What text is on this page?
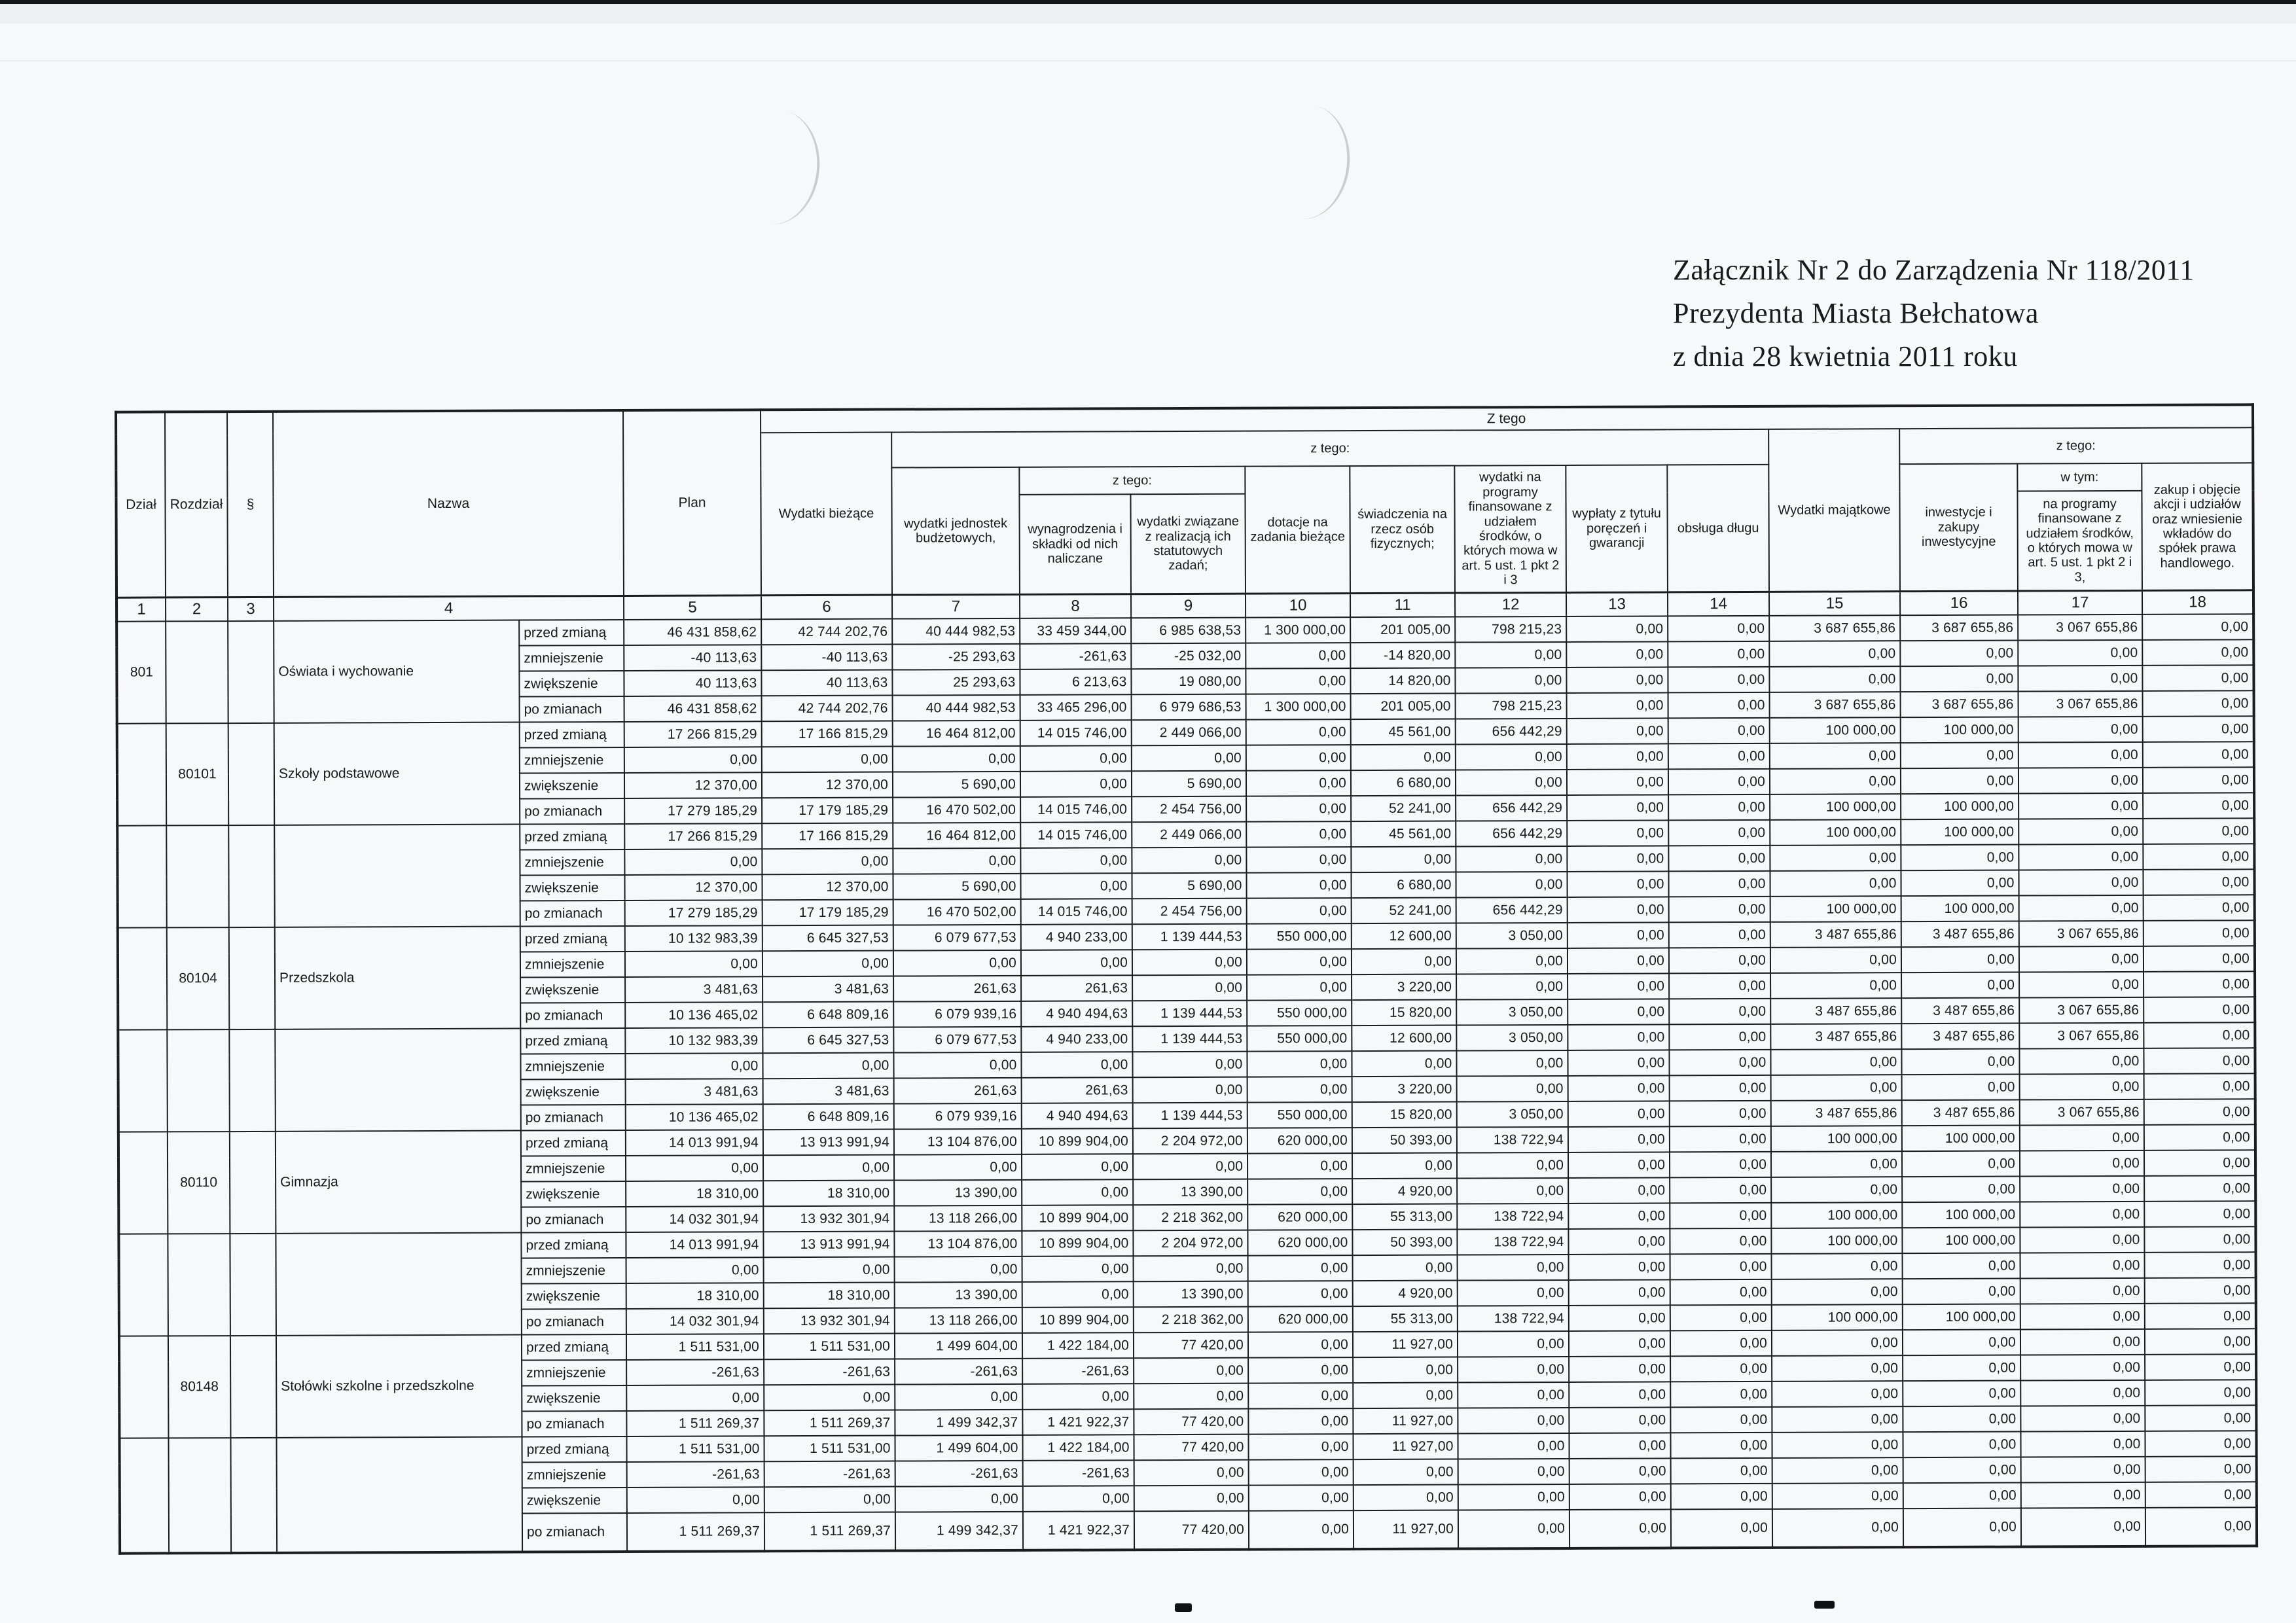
Załącznik Nr 2 do Zarządzenia Nr 118/2011
Prezydenta Miasta Bełchatowa
z dnia 28 kwietnia 2011 roku
Dział	Rozdział	§	Nazwa		Plan	Z tego												
						Wydatki bieżące	z tego:								Wydatki majątkowe	z tego:		
							wydatki jednostek budżetowych,	z tego:		dotacje na zadania bieżące	świadczenia na rzecz osób fizycznych;	wydatki na programy finansowane z udziałem środków, o których mowa w art. 5 ust. 1 pkt 2 i 3	wypłaty z tytułu poręczeń i gwarancji	obsługa długu		inwestycje i zakupy inwestycyjne	w tym:	zakup i objęcie akcji i udziałów oraz wniesienie wkładów do spółek prawa handlowego.
								wynagrodzenia i składki od nich naliczane	wydatki związane z realizacją ich statutowych zadań;								na programy finansowane z udziałem środków, o których mowa w art. 5 ust. 1 pkt 2 i 3,	
1	2	3	4		5	6	7	8	9	10	11	12	13	14	15	16	17	18
801			Oświata i wychowanie	przed zmianą	46 431 858,62	42 744 202,76	40 444 982,53	33 459 344,00	6 985 638,53	1 300 000,00	201 005,00	798 215,23	0,00	0,00	3 687 655,86	3 687 655,86	3 067 655,86	0,00
				zmniejszenie	-40 113,63	-40 113,63	-25 293,63	-261,63	-25 032,00	0,00	-14 820,00	0,00	0,00	0,00	0,00	0,00	0,00	0,00
				zwiększenie	40 113,63	40 113,63	25 293,63	6 213,63	19 080,00	0,00	14 820,00	0,00	0,00	0,00	0,00	0,00	0,00	0,00
				po zmianach	46 431 858,62	42 744 202,76	40 444 982,53	33 465 296,00	6 979 686,53	1 300 000,00	201 005,00	798 215,23	0,00	0,00	3 687 655,86	3 687 655,86	3 067 655,86	0,00
	80101		Szkoły podstawowe	przed zmianą	17 266 815,29	17 166 815,29	16 464 812,00	14 015 746,00	2 449 066,00	0,00	45 561,00	656 442,29	0,00	0,00	100 000,00	100 000,00	0,00	0,00
				zmniejszenie	0,00	0,00	0,00	0,00	0,00	0,00	0,00	0,00	0,00	0,00	0,00	0,00	0,00	0,00
				zwiększenie	12 370,00	12 370,00	5 690,00	0,00	5 690,00	0,00	6 680,00	0,00	0,00	0,00	0,00	0,00	0,00	0,00
				po zmianach	17 279 185,29	17 179 185,29	16 470 502,00	14 015 746,00	2 454 756,00	0,00	52 241,00	656 442,29	0,00	0,00	100 000,00	100 000,00	0,00	0,00
				przed zmianą	17 266 815,29	17 166 815,29	16 464 812,00	14 015 746,00	2 449 066,00	0,00	45 561,00	656 442,29	0,00	0,00	100 000,00	100 000,00	0,00	0,00
				zmniejszenie	0,00	0,00	0,00	0,00	0,00	0,00	0,00	0,00	0,00	0,00	0,00	0,00	0,00	0,00
				zwiększenie	12 370,00	12 370,00	5 690,00	0,00	5 690,00	0,00	6 680,00	0,00	0,00	0,00	0,00	0,00	0,00	0,00
				po zmianach	17 279 185,29	17 179 185,29	16 470 502,00	14 015 746,00	2 454 756,00	0,00	52 241,00	656 442,29	0,00	0,00	100 000,00	100 000,00	0,00	0,00
	80104		Przedszkola	przed zmianą	10 132 983,39	6 645 327,53	6 079 677,53	4 940 233,00	1 139 444,53	550 000,00	12 600,00	3 050,00	0,00	0,00	3 487 655,86	3 487 655,86	3 067 655,86	0,00
				zmniejszenie	0,00	0,00	0,00	0,00	0,00	0,00	0,00	0,00	0,00	0,00	0,00	0,00	0,00	0,00
				zwiększenie	3 481,63	3 481,63	261,63	261,63	0,00	0,00	3 220,00	0,00	0,00	0,00	0,00	0,00	0,00	0,00
				po zmianach	10 136 465,02	6 648 809,16	6 079 939,16	4 940 494,63	1 139 444,53	550 000,00	15 820,00	3 050,00	0,00	0,00	3 487 655,86	3 487 655,86	3 067 655,86	0,00
				przed zmianą	10 132 983,39	6 645 327,53	6 079 677,53	4 940 233,00	1 139 444,53	550 000,00	12 600,00	3 050,00	0,00	0,00	3 487 655,86	3 487 655,86	3 067 655,86	0,00
				zmniejszenie	0,00	0,00	0,00	0,00	0,00	0,00	0,00	0,00	0,00	0,00	0,00	0,00	0,00	0,00
				zwiększenie	3 481,63	3 481,63	261,63	261,63	0,00	0,00	3 220,00	0,00	0,00	0,00	0,00	0,00	0,00	0,00
				po zmianach	10 136 465,02	6 648 809,16	6 079 939,16	4 940 494,63	1 139 444,53	550 000,00	15 820,00	3 050,00	0,00	0,00	3 487 655,86	3 487 655,86	3 067 655,86	0,00
	80110		Gimnazja	przed zmianą	14 013 991,94	13 913 991,94	13 104 876,00	10 899 904,00	2 204 972,00	620 000,00	50 393,00	138 722,94	0,00	0,00	100 000,00	100 000,00	0,00	0,00
				zmniejszenie	0,00	0,00	0,00	0,00	0,00	0,00	0,00	0,00	0,00	0,00	0,00	0,00	0,00	0,00
				zwiększenie	18 310,00	18 310,00	13 390,00	0,00	13 390,00	0,00	4 920,00	0,00	0,00	0,00	0,00	0,00	0,00	0,00
				po zmianach	14 032 301,94	13 932 301,94	13 118 266,00	10 899 904,00	2 218 362,00	620 000,00	55 313,00	138 722,94	0,00	0,00	100 000,00	100 000,00	0,00	0,00
				przed zmianą	14 013 991,94	13 913 991,94	13 104 876,00	10 899 904,00	2 204 972,00	620 000,00	50 393,00	138 722,94	0,00	0,00	100 000,00	100 000,00	0,00	0,00
				zmniejszenie	0,00	0,00	0,00	0,00	0,00	0,00	0,00	0,00	0,00	0,00	0,00	0,00	0,00	0,00
				zwiększenie	18 310,00	18 310,00	13 390,00	0,00	13 390,00	0,00	4 920,00	0,00	0,00	0,00	0,00	0,00	0,00	0,00
				po zmianach	14 032 301,94	13 932 301,94	13 118 266,00	10 899 904,00	2 218 362,00	620 000,00	55 313,00	138 722,94	0,00	0,00	100 000,00	100 000,00	0,00	0,00
	80148		Stołówki szkolne i przedszkolne	przed zmianą	1 511 531,00	1 511 531,00	1 499 604,00	1 422 184,00	77 420,00	0,00	11 927,00	0,00	0,00	0,00	0,00	0,00	0,00	0,00
				zmniejszenie	-261,63	-261,63	-261,63	-261,63	0,00	0,00	0,00	0,00	0,00	0,00	0,00	0,00	0,00	0,00
				zwiększenie	0,00	0,00	0,00	0,00	0,00	0,00	0,00	0,00	0,00	0,00	0,00	0,00	0,00	0,00
				po zmianach	1 511 269,37	1 511 269,37	1 499 342,37	1 421 922,37	77 420,00	0,00	11 927,00	0,00	0,00	0,00	0,00	0,00	0,00	0,00
				przed zmianą	1 511 531,00	1 511 531,00	1 499 604,00	1 422 184,00	77 420,00	0,00	11 927,00	0,00	0,00	0,00	0,00	0,00	0,00	0,00
				zmniejszenie	-261,63	-261,63	-261,63	-261,63	0,00	0,00	0,00	0,00	0,00	0,00	0,00	0,00	0,00	0,00
				zwiększenie	0,00	0,00	0,00	0,00	0,00	0,00	0,00	0,00	0,00	0,00	0,00	0,00	0,00	0,00
				po zmianach	1 511 269,37	1 511 269,37	1 499 342,37	1 421 922,37	77 420,00	0,00	11 927,00	0,00	0,00	0,00	0,00	0,00	0,00	0,00
